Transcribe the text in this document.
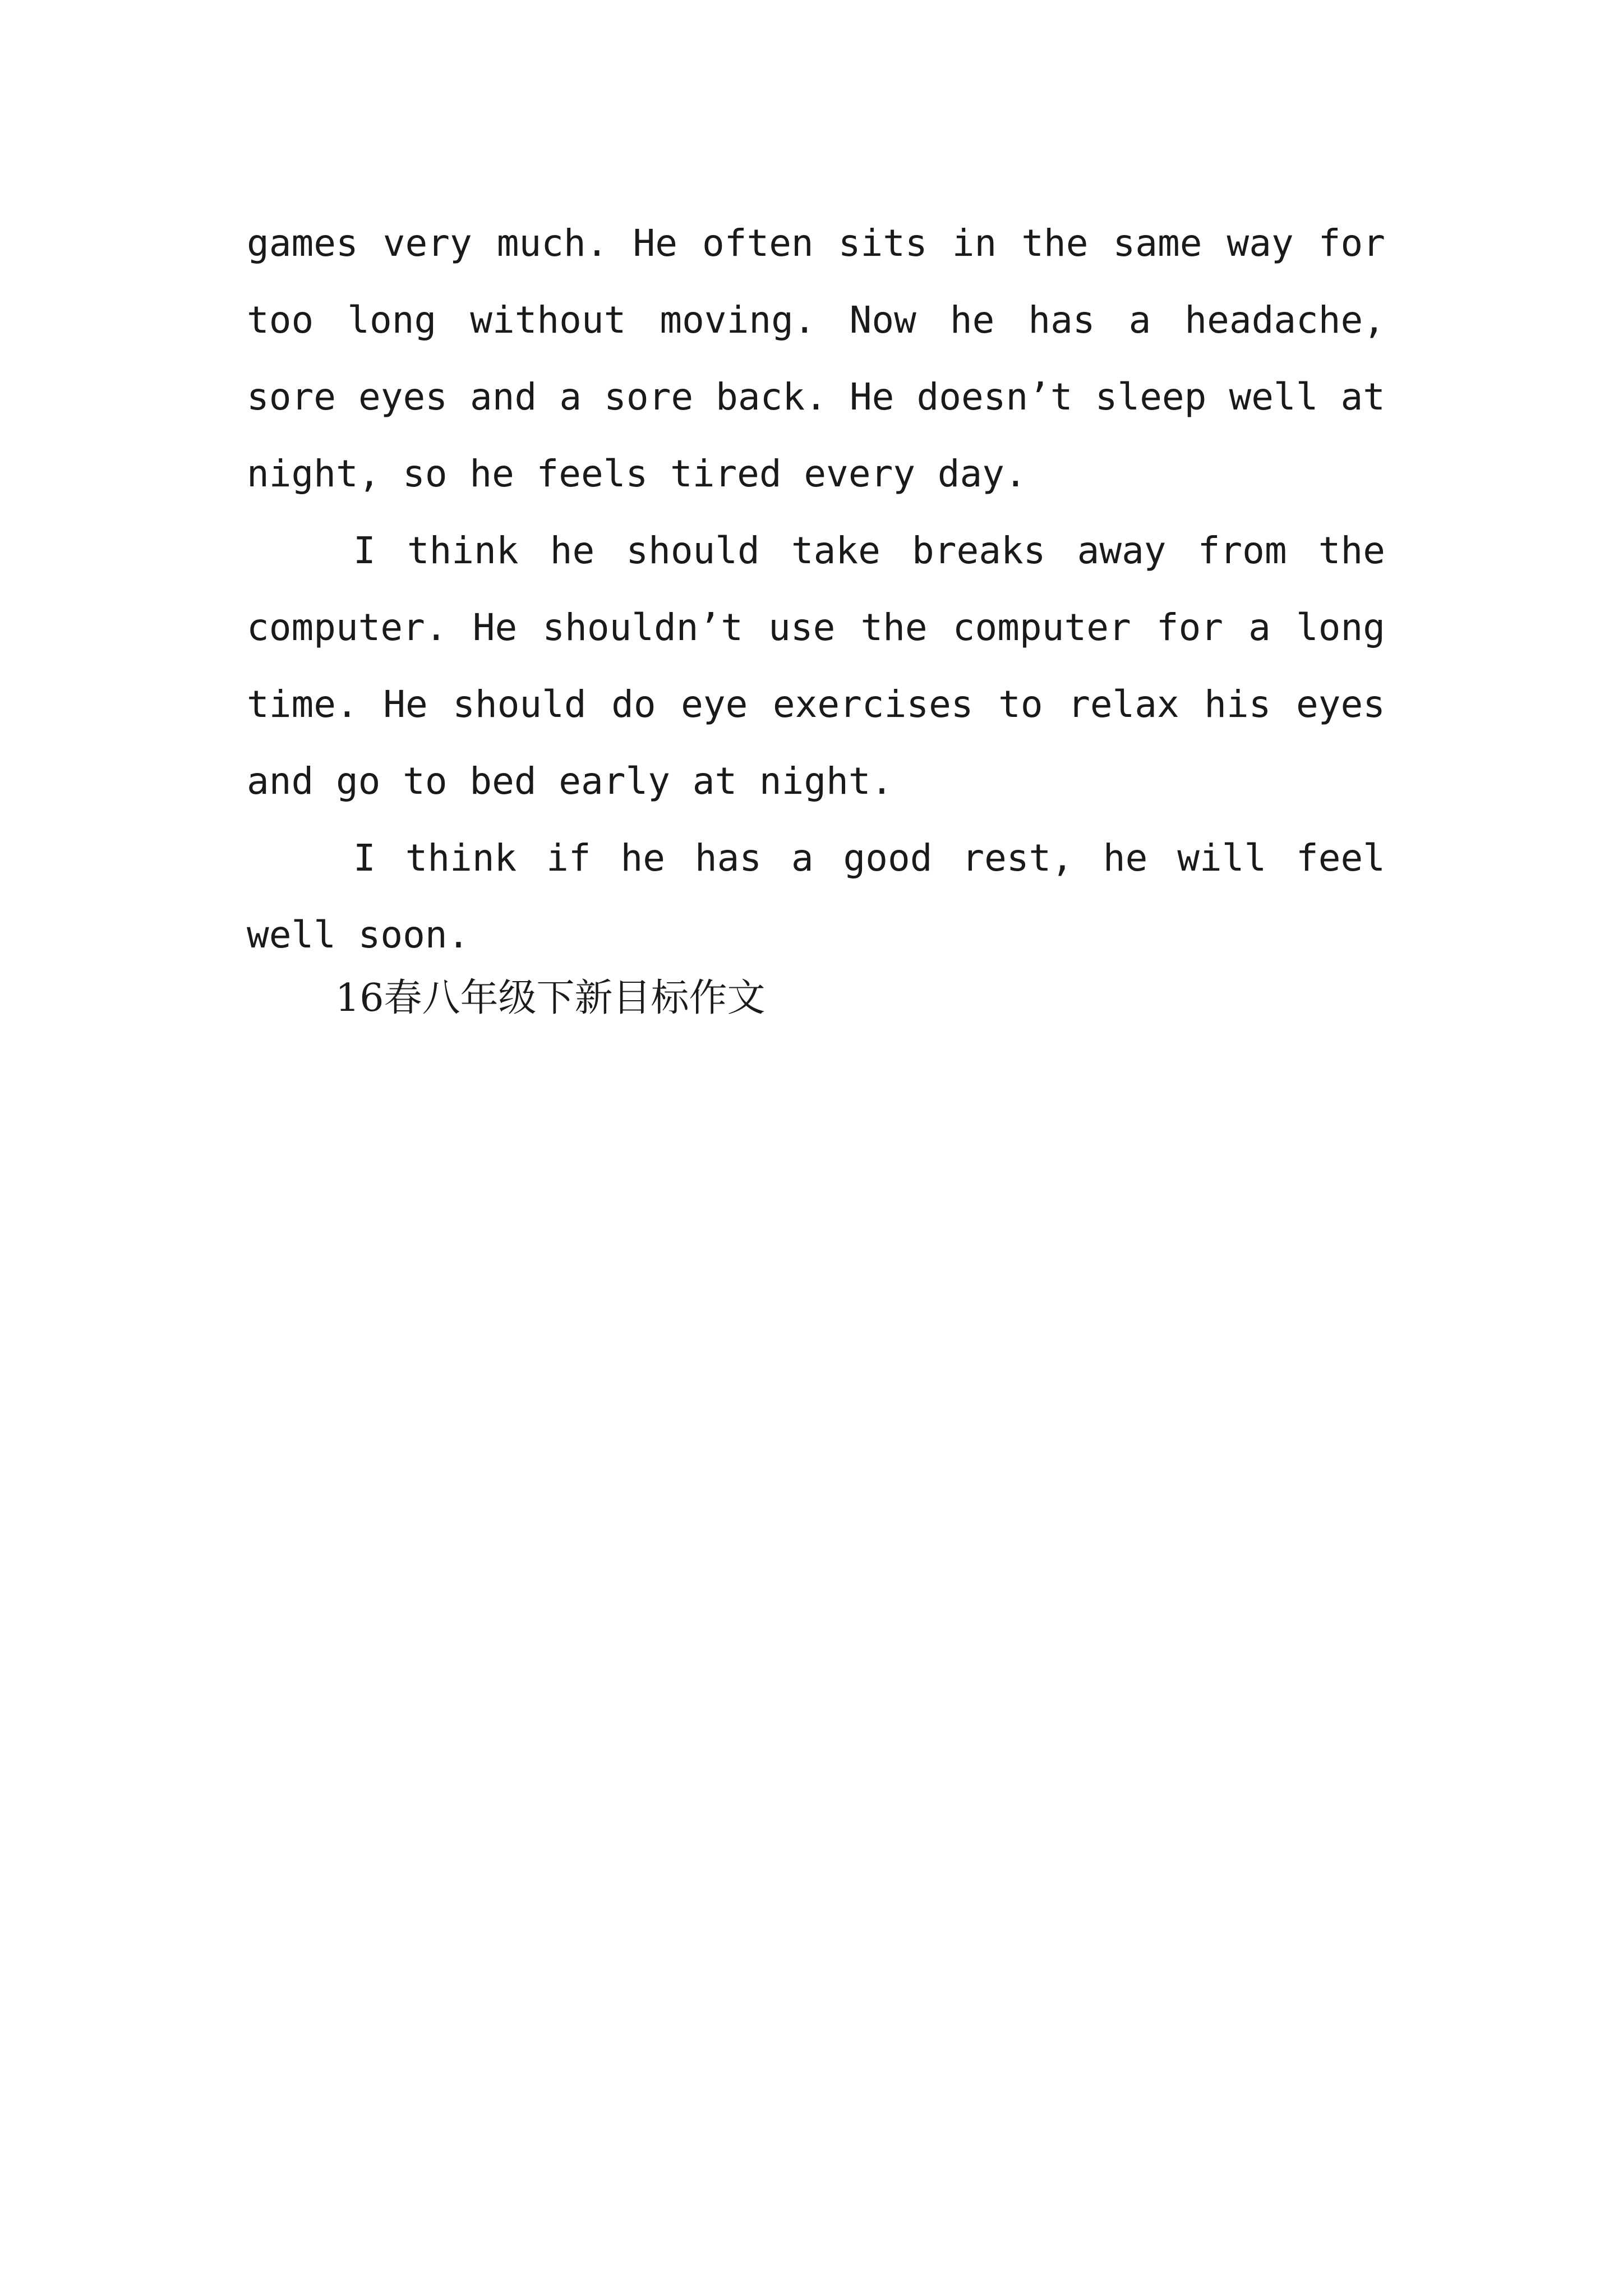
games very much. He often sits in the same way for too long without moving. Now he has a headache, sore eyes and a sore back. He doesn’t sleep well at night, so he feels tired every day.

I think he should take breaks away from the computer. He shouldn’t use the computer for a long time. He should do eye exercises to relax his eyes and go to bed early at night.

I think if he has a good rest, he will feel well soon.

16春八年级下新目标作文
